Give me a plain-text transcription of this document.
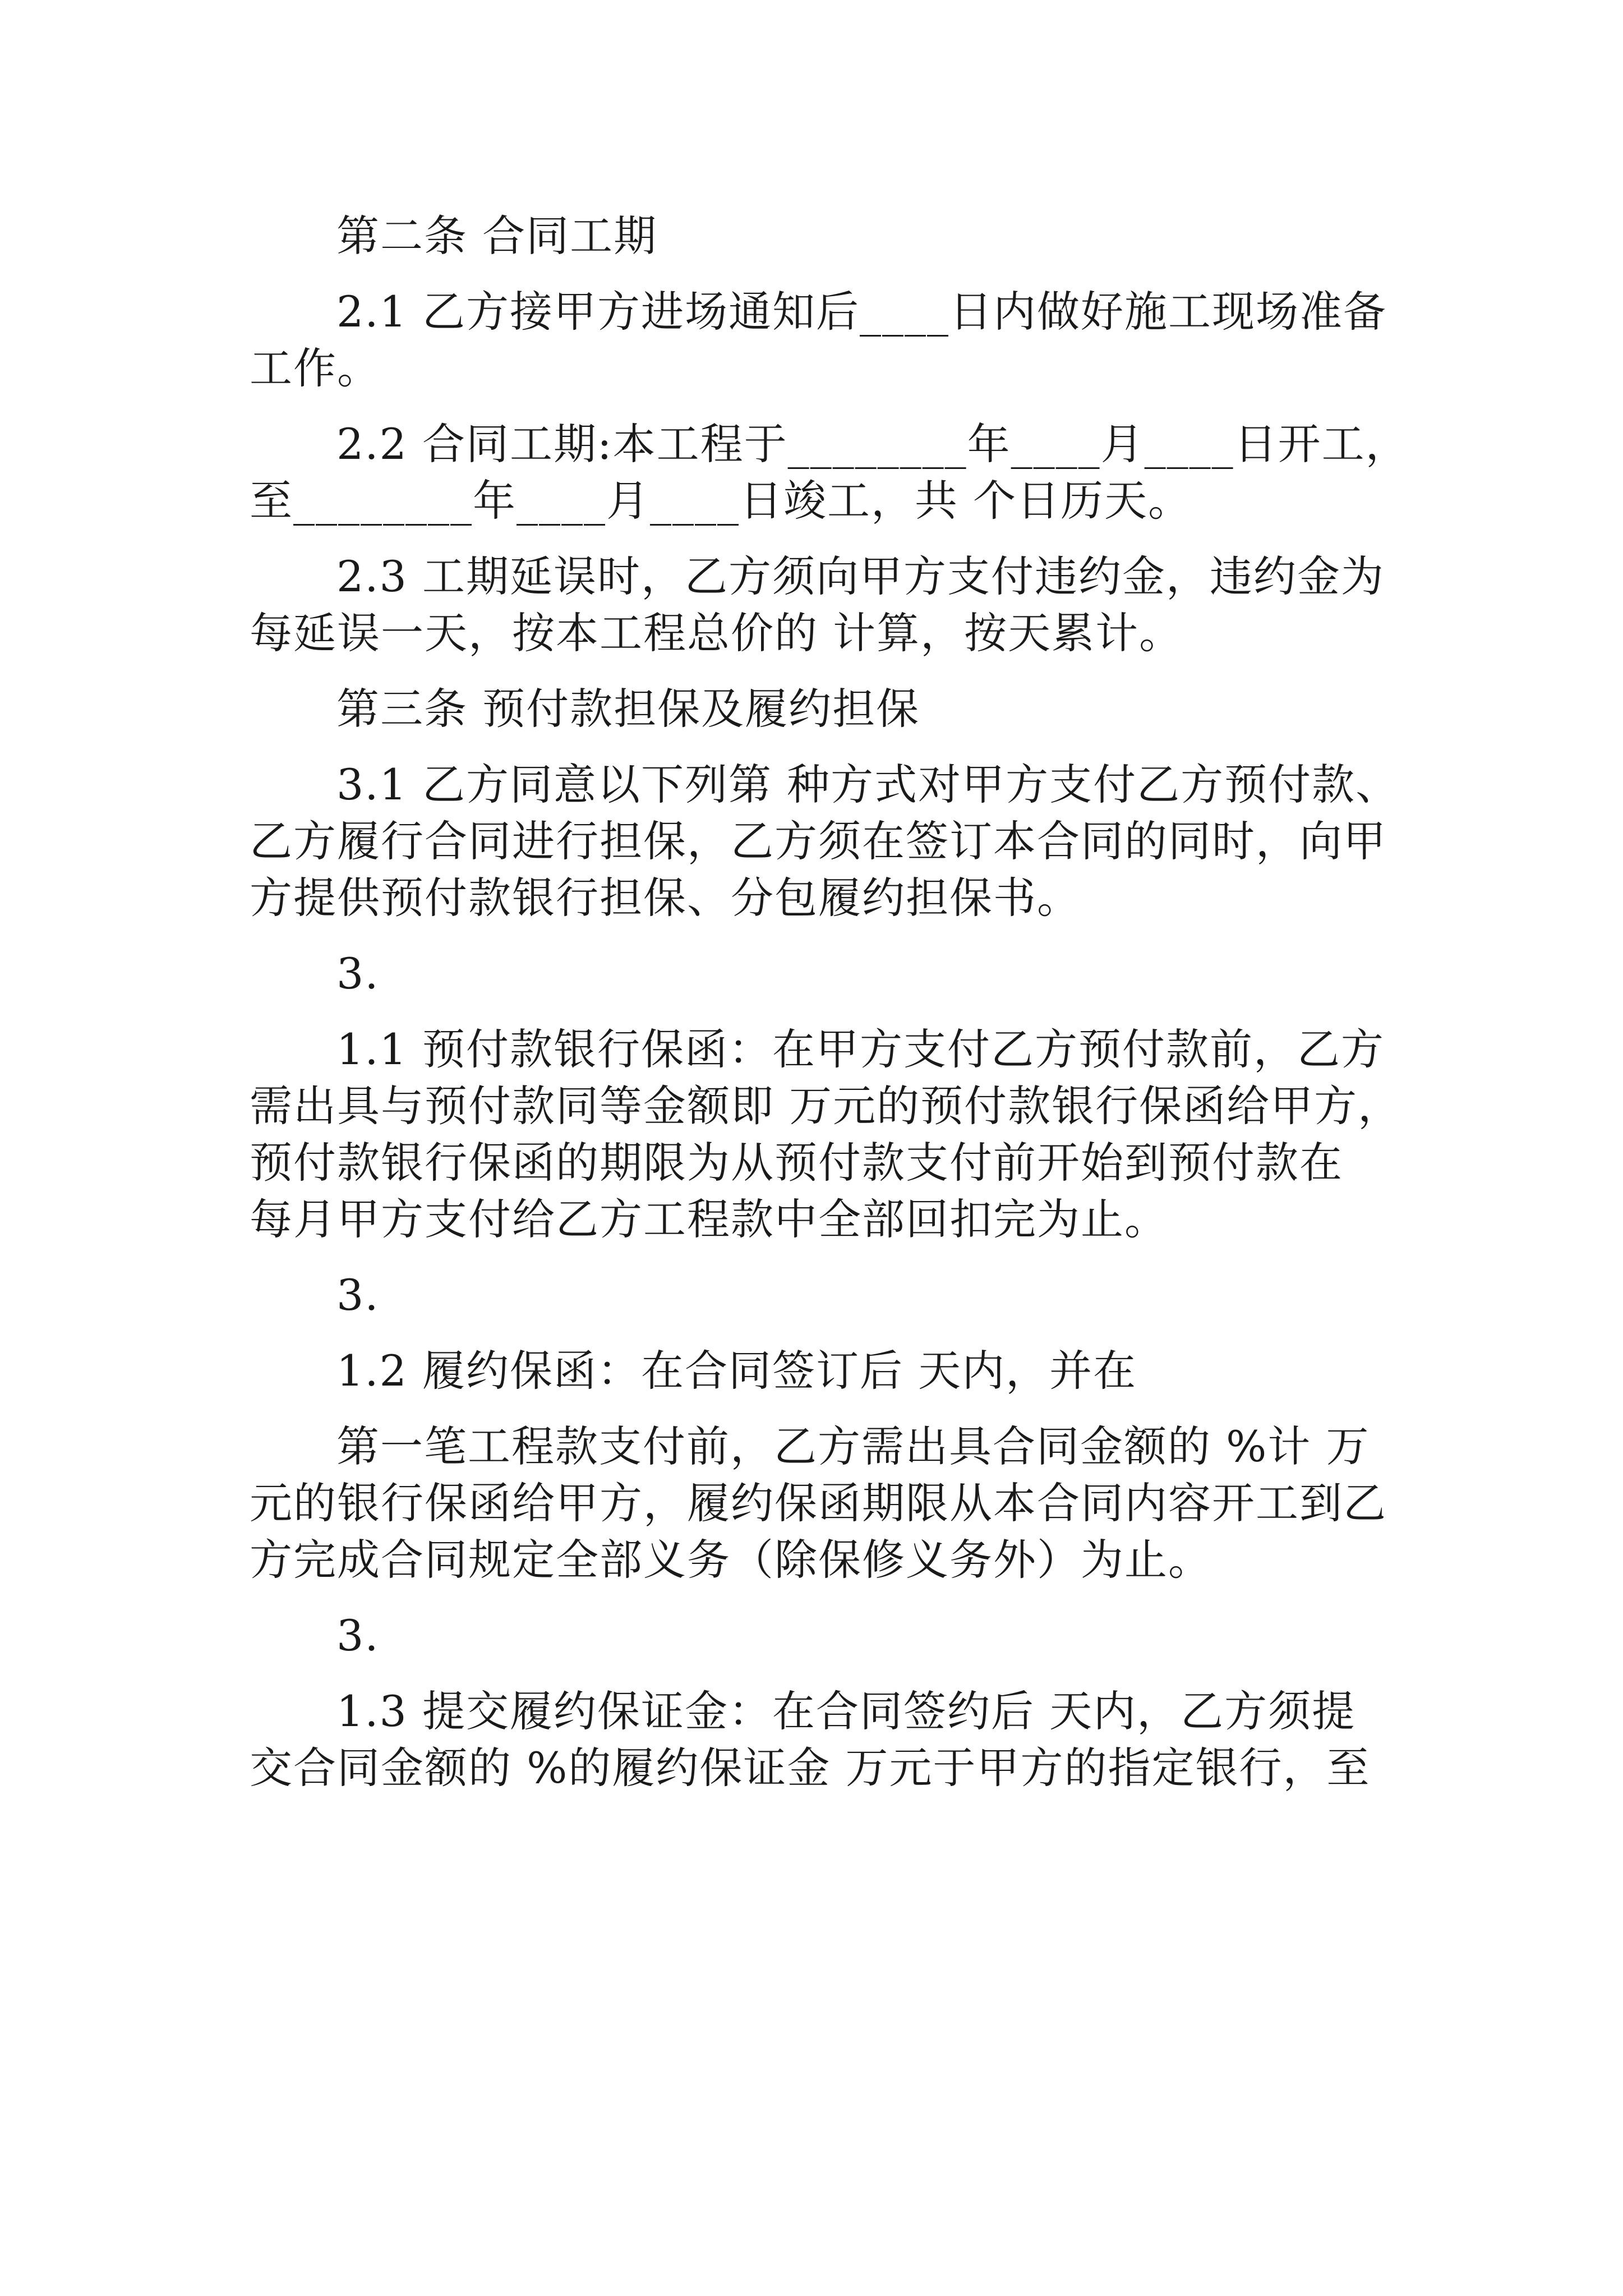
第二条 合同工期
2.1 乙方接甲方进场通知后____日内做好施工现场准备
工作。
2.2 合同工期:本工程于________年____月____日开工，
至________年____月____日竣工，共 个日历天。
2.3 工期延误时，乙方须向甲方支付违约金，违约金为
每延误一天，按本工程总价的 计算，按天累计。
第三条 预付款担保及履约担保
3.1 乙方同意以下列第 种方式对甲方支付乙方预付款、
乙方履行合同进行担保，乙方须在签订本合同的同时，向甲
方提供预付款银行担保、分包履约担保书。
3.
1.1 预付款银行保函：在甲方支付乙方预付款前，乙方
需出具与预付款同等金额即 万元的预付款银行保函给甲方，
预付款银行保函的期限为从预付款支付前开始到预付款在
每月甲方支付给乙方工程款中全部回扣完为止。
3.
1.2 履约保函：在合同签订后 天内，并在
第一笔工程款支付前，乙方需出具合同金额的 %计 万
元的银行保函给甲方，履约保函期限从本合同内容开工到乙
方完成合同规定全部义务（除保修义务外）为止。
3.
1.3 提交履约保证金：在合同签约后 天内，乙方须提
交合同金额的 %的履约保证金 万元于甲方的指定银行，至
